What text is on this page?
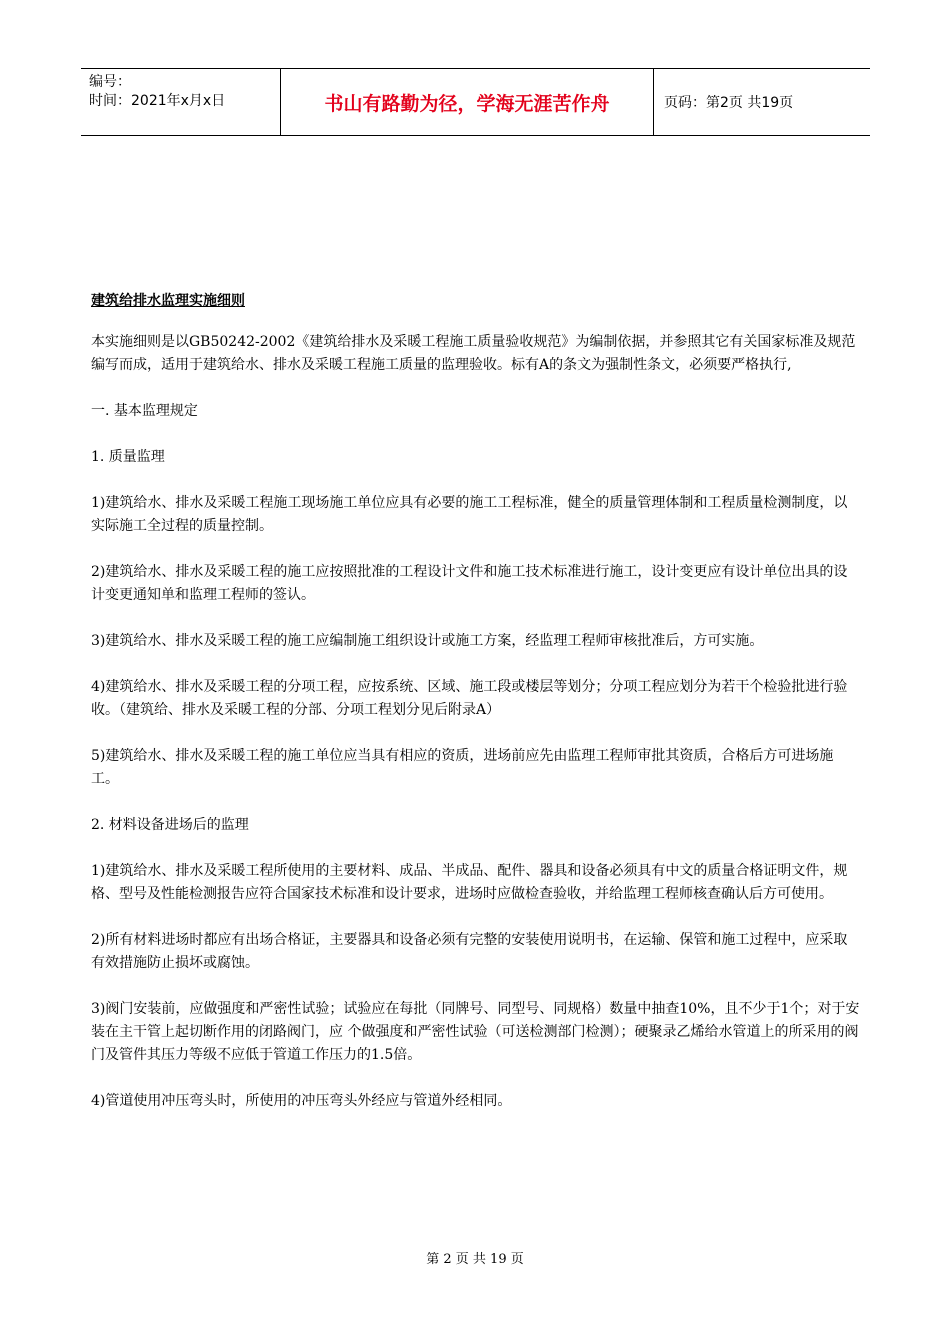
编号：
时间：2021年x月x日	书山有路勤为径，学海无涯苦作舟	页码：第2页 共19页
建筑给排水监理实施细则

本实施细则是以GB50242-2002《建筑给排水及采暖工程施工质量验收规范》为编制依据，并参照其它有关国家标准及规范编写而成，适用于建筑给水、排水及采暖工程施工质量的监理验收。标有A的条文为强制性条文，必须要严格执行,

一. 基本监理规定

1. 质量监理

1)建筑给水、排水及采暖工程施工现场施工单位应具有必要的施工工程标准，健全的质量管理体制和工程质量检测制度，以实际施工全过程的质量控制。

2)建筑给水、排水及采暖工程的施工应按照批准的工程设计文件和施工技术标准进行施工，设计变更应有设计单位出具的设计变更通知单和监理工程师的签认。

3)建筑给水、排水及采暖工程的施工应编制施工组织设计或施工方案，经监理工程师审核批准后，方可实施。

4)建筑给水、排水及采暖工程的分项工程，应按系统、区域、施工段或楼层等划分；分项工程应划分为若干个检验批进行验收。（建筑给、排水及采暖工程的分部、分项工程划分见后附录A）

5)建筑给水、排水及采暖工程的施工单位应当具有相应的资质，进场前应先由监理工程师审批其资质，合格后方可进场施工。

2. 材料设备进场后的监理

1)建筑给水、排水及采暖工程所使用的主要材料、成品、半成品、配件、器具和设备必须具有中文的质量合格证明文件，规格、型号及性能检测报告应符合国家技术标准和设计要求，进场时应做检查验收，并给监理工程师核查确认后方可使用。

2)所有材料进场时都应有出场合格证，主要器具和设备必须有完整的安装使用说明书，在运输、保管和施工过程中，应采取有效措施防止损坏或腐蚀。

3)阀门安装前，应做强度和严密性试验；试验应在每批（同牌号、同型号、同规格）数量中抽查10%，且不少于1个；对于安装在主干管上起切断作用的闭路阀门，应 个做强度和严密性试验（可送检测部门检测）；硬聚录乙烯给水管道上的所采用的阀门及管件其压力等级不应低于管道工作压力的1.5倍。

4)管道使用冲压弯头时，所使用的冲压弯头外经应与管道外经相同。

第 2 页 共 19 页
